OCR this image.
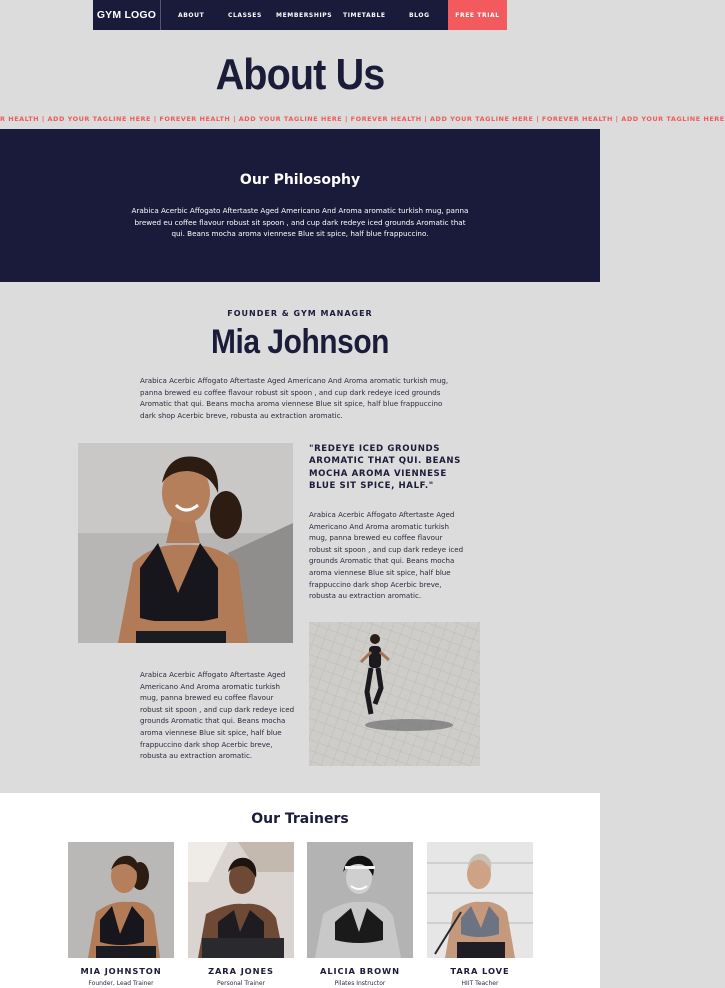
GYM LOGO	ABOUT	CLASSES MEMBERSHIPS TIMETABLE	BLOG	FREE TRIAL
About Us
R HEALTH | ADD YOUR TAGLINE HERE | FOREVER HEALTH | ADD YOUR TAGLINE HERE | FOREVER HEALTH | ADD YOUR TAGLINE HERE | FOREVER HEALTH | ADD YOUR TAGLINE HERE
Our Philosophy
Arabica Acerbic Affogato Aftertaste Aged Americano And Aroma aromatic turkish mug, panna brewed eu coffee flavour robust sit spoon , and cup dark redeye iced grounds Aromatic that qui. Beans mocha aroma viennese Blue sit spice, half blue frappuccino.
FOUNDER & GYM MANAGER
Mia Johnson
Arabica Acerbic Affogato Aftertaste Aged Americano And Aroma aromatic turkish mug, panna brewed eu coffee flavour robust sit spoon , and cup dark redeye iced grounds Aromatic that qui. Beans mocha aroma viennese Blue sit spice, half blue frappuccino dark shop Acerbic breve, robusta au extraction aromatic.
"REDEYE ICED GROUNDS AROMATIC THAT QUI. BEANS MOCHA AROMA VIENNESE BLUE SIT SPICE, HALF."
Arabica Acerbic Affogato Aftertaste Aged Americano And Aroma aromatic turkish mug, panna brewed eu coffee flavour robust sit spoon , and cup dark redeye iced grounds Aromatic that qui. Beans mocha aroma viennese Blue sit spice, half blue frappuccino dark shop Acerbic breve, robusta au extraction aromatic.
Arabica Acerbic Affogato Aftertaste Aged Americano And Aroma aromatic turkish mug, panna brewed eu coffee flavour robust sit spoon , and cup dark redeye iced grounds Aromatic that qui. Beans mocha aroma viennese Blue sit spice, half blue frappuccino dark shop Acerbic breve, robusta au extraction aromatic.
Our Trainers
MIA JOHNSTON
Founder, Lead Trainer
ZARA JONES
Personal Trainer
ALICIA BROWN
Pilates Instructor
TARA LOVE
HIIT Teacher
